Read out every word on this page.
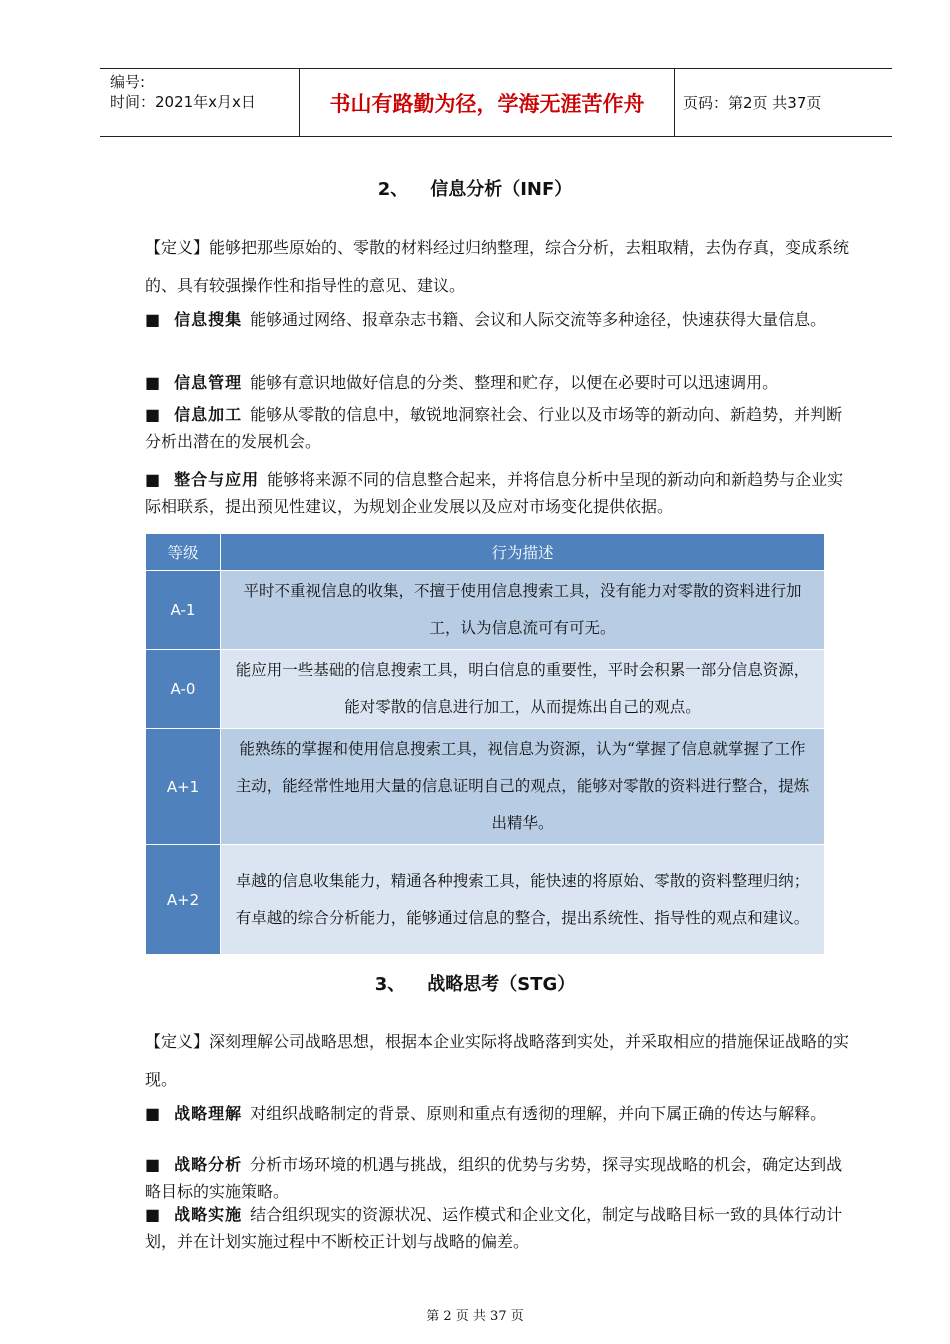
编号:
时间：2021年x月x日	书山有路勤为径，学海无涯苦作舟	页码：第2页 共37页
2、 信息分析（INF）
【定义】能够把那些原始的、零散的材料经过归纳整理，综合分析，去粗取精，去伪存真，变成系统的、具有较强操作性和指导性的意见、建议。
■ 信息搜集 能够通过网络、报章杂志书籍、会议和人际交流等多种途径，快速获得大量信息。
■ 信息管理 能够有意识地做好信息的分类、整理和贮存，以便在必要时可以迅速调用。
■ 信息加工 能够从零散的信息中，敏锐地洞察社会、行业以及市场等的新动向、新趋势，并判断分析出潜在的发展机会。
■ 整合与应用 能够将来源不同的信息整合起来，并将信息分析中呈现的新动向和新趋势与企业实际相联系，提出预见性建议，为规划企业发展以及应对市场变化提供依据。
等级	行为描述
A-1	平时不重视信息的收集，不擅于使用信息搜索工具，没有能力对零散的资料进行加工，认为信息流可有可无。
A-0	能应用一些基础的信息搜索工具，明白信息的重要性，平时会积累一部分信息资源，能对零散的信息进行加工，从而提炼出自己的观点。
A+1	能熟练的掌握和使用信息搜索工具，视信息为资源，认为“掌握了信息就掌握了工作主动，能经常性地用大量的信息证明自己的观点，能够对零散的资料进行整合，提炼出精华。
A+2	卓越的信息收集能力，精通各种搜索工具，能快速的将原始、零散的资料整理归纳；有卓越的综合分析能力，能够通过信息的整合，提出系统性、指导性的观点和建议。
3、 战略思考（STG）
【定义】深刻理解公司战略思想，根据本企业实际将战略落到实处，并采取相应的措施保证战略的实现。
■ 战略理解 对组织战略制定的背景、原则和重点有透彻的理解，并向下属正确的传达与解释。
■ 战略分析 分析市场环境的机遇与挑战，组织的优势与劣势，探寻实现战略的机会，确定达到战略目标的实施策略。
■ 战略实施 结合组织现实的资源状况、运作模式和企业文化，制定与战略目标一致的具体行动计划，并在计划实施过程中不断校正计划与战略的偏差。
第 2 页 共 37 页
